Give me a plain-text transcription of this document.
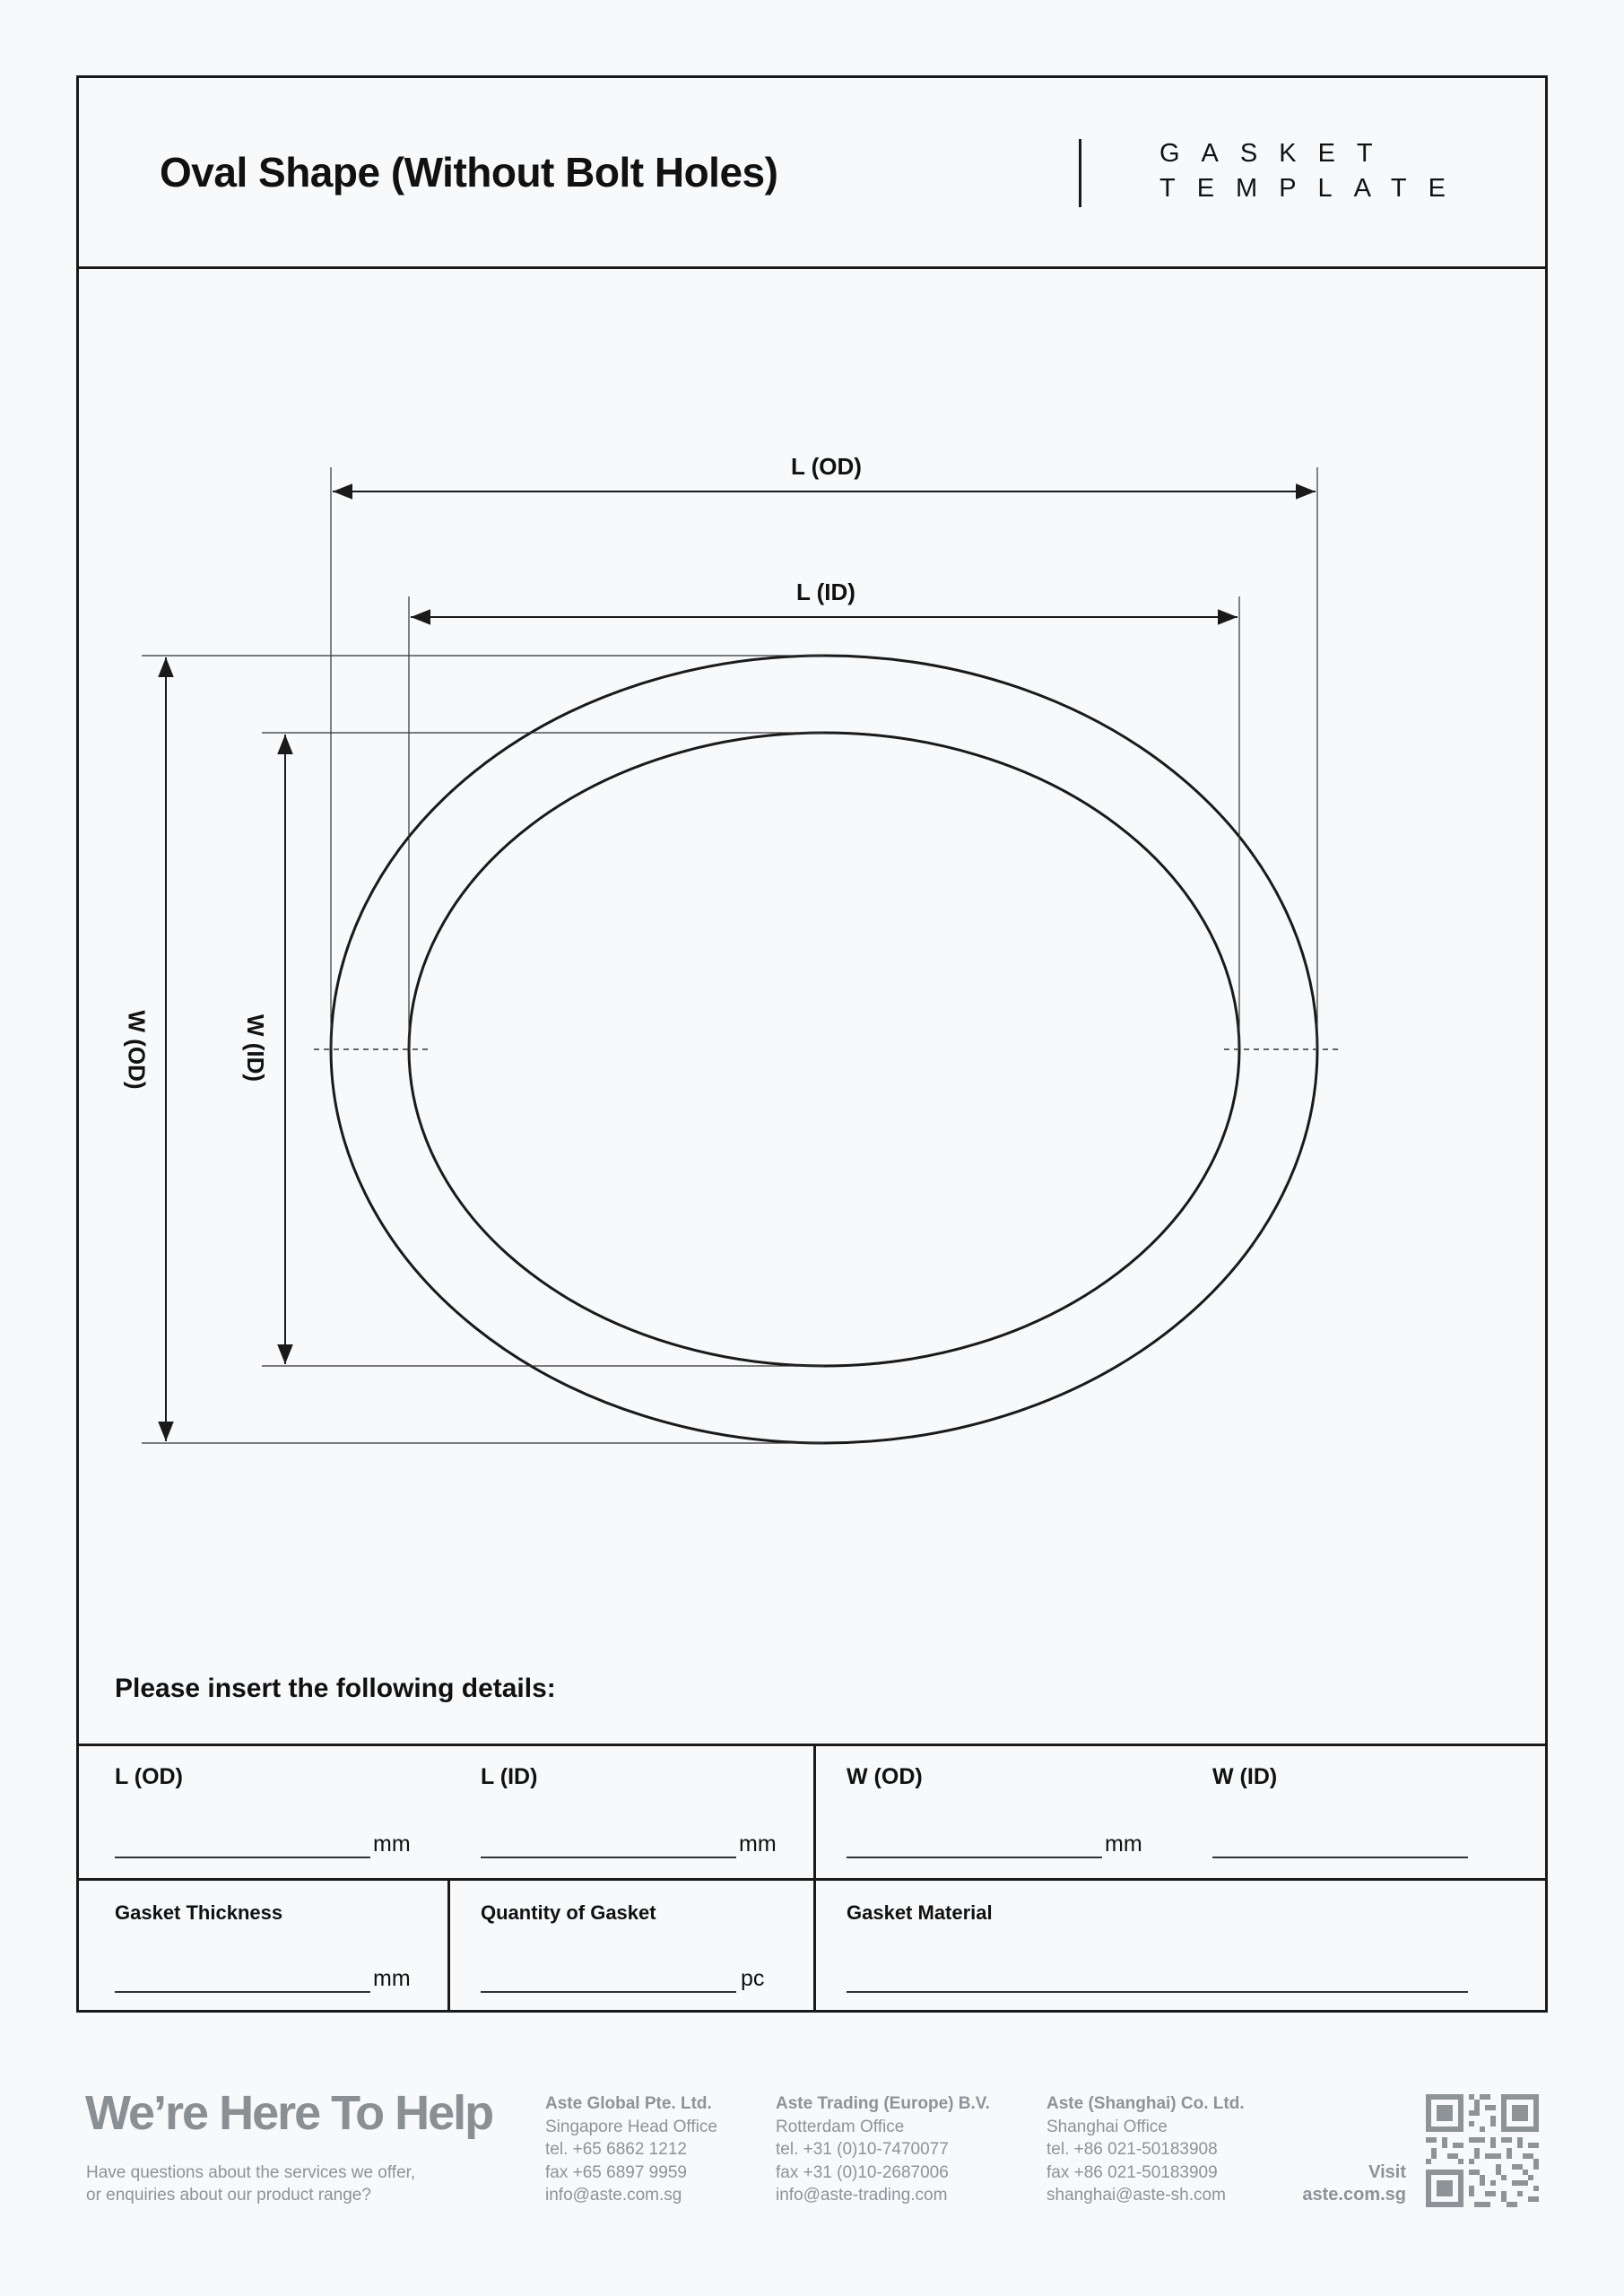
Oval Shape (Without Bolt Holes)	GASKET
TEMPLATE
L (OD)
L (ID)
W (OD)	W (ID)
Please insert the following details:
L (OD)
mm
L (ID)
mm
W (OD)
mm
W (ID)
Gasket Thickness
mm
Quantity of Gasket
pc
Gasket Material
We’re Here To Help
Have questions about the services we offer,
or enquiries about our product range?
Aste Global Pte. Ltd.
Singapore Head Office
tel. +65 6862 1212
fax +65 6897 9959
info@aste.com.sg
Aste Trading (Europe) B.V.
Rotterdam Office
tel. +31 (0)10-7470077
fax +31 (0)10-2687006
info@aste-trading.com
Aste (Shanghai) Co. Ltd.
Shanghai Office
tel. +86 021-50183908
fax +86 021-50183909
shanghai@aste-sh.com
Visit
aste.com.sg
